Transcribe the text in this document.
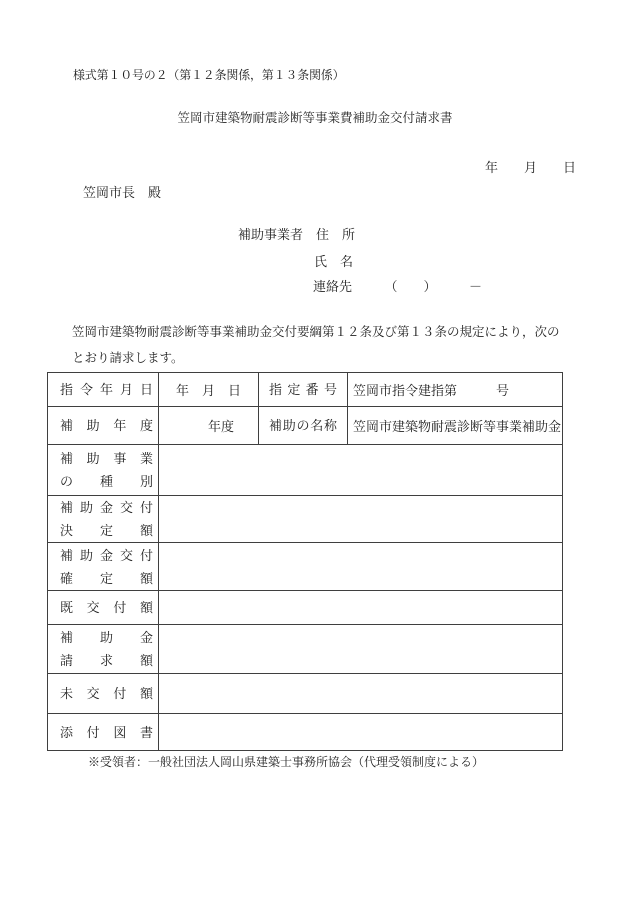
様式第１０号の２（第１２条関係，第１３条関係）
笠岡市建築物耐震診断等事業費補助金交付請求書
年　　月　　日
笠岡市長　殿
補助事業者　住　所
氏　名
連絡先　　　（　　）　　　－
笠岡市建築物耐震診断等事業補助金交付要綱第１２条及び第１３条の規定により，次の
とおり請求します。
指令年月日	年　月　日	指定番号	笠岡市指令建指第　　　号

補助年度	年度	補助の名称	笠岡市建築物耐震診断等事業補助金

補助事業
の種別			

補助金交付
決定額			

補助金交付
確定額			

既交付額			

補助金
請求額			

未交付額			

添付図書			

※受領者：一般社団法人岡山県建築士事務所協会（代理受領制度による）
